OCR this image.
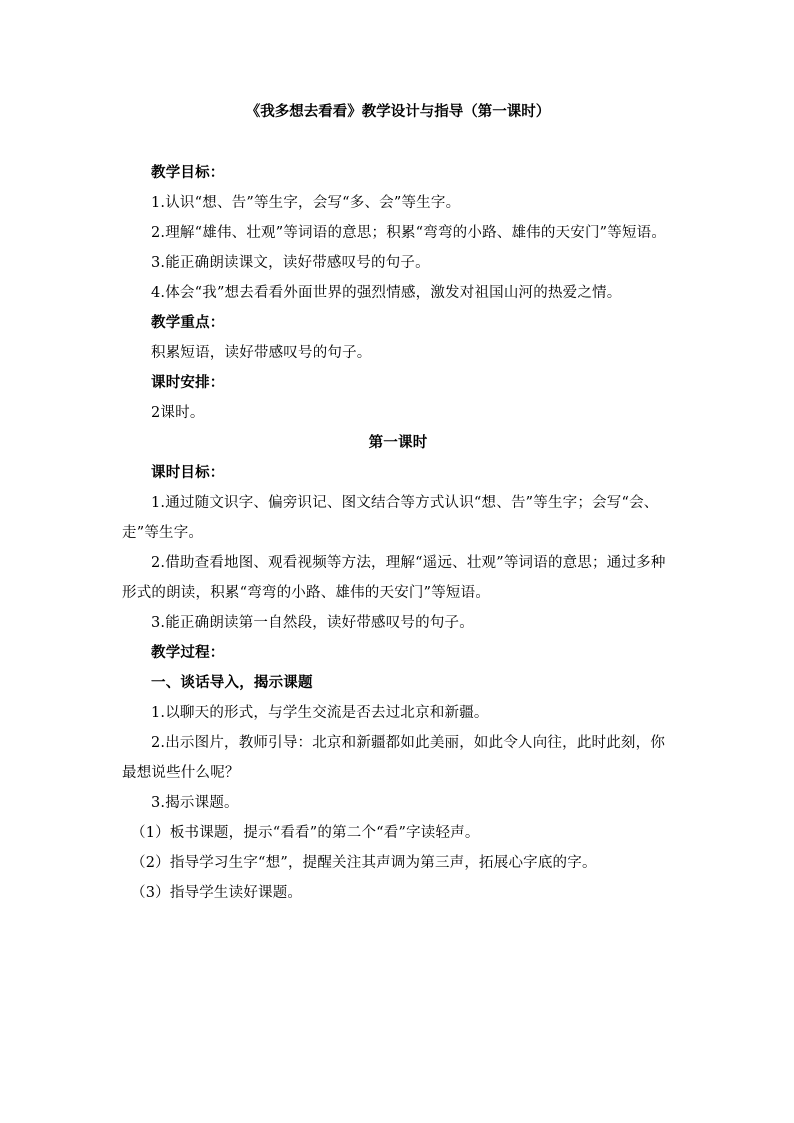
《我多想去看看》教学设计与指导（第一课时）

教学目标：

1.认识“想、告”等生字，会写“多、会”等生字。

2.理解“雄伟、壮观”等词语的意思；积累“弯弯的小路、雄伟的天安门”等短语。

3.能正确朗读课文，读好带感叹号的句子。

4.体会“我”想去看看外面世界的强烈情感，激发对祖国山河的热爱之情。

教学重点：

积累短语，读好带感叹号的句子。

课时安排：

2课时。

第一课时

课时目标：

1.通过随文识字、偏旁识记、图文结合等方式认识“想、告”等生字；会写“会、走”等生字。

2.借助查看地图、观看视频等方法，理解“遥远、壮观”等词语的意思；通过多种形式的朗读，积累“弯弯的小路、雄伟的天安门”等短语。

3.能正确朗读第一自然段，读好带感叹号的句子。

教学过程：

一、谈话导入，揭示课题

1.以聊天的形式，与学生交流是否去过北京和新疆。

2.出示图片，教师引导：北京和新疆都如此美丽，如此令人向往，此时此刻，你最想说些什么呢？

3.揭示课题。

（1）板书课题，提示“看看”的第二个“看”字读轻声。

（2）指导学习生字“想”，提醒关注其声调为第三声，拓展心字底的字。

（3）指导学生读好课题。
